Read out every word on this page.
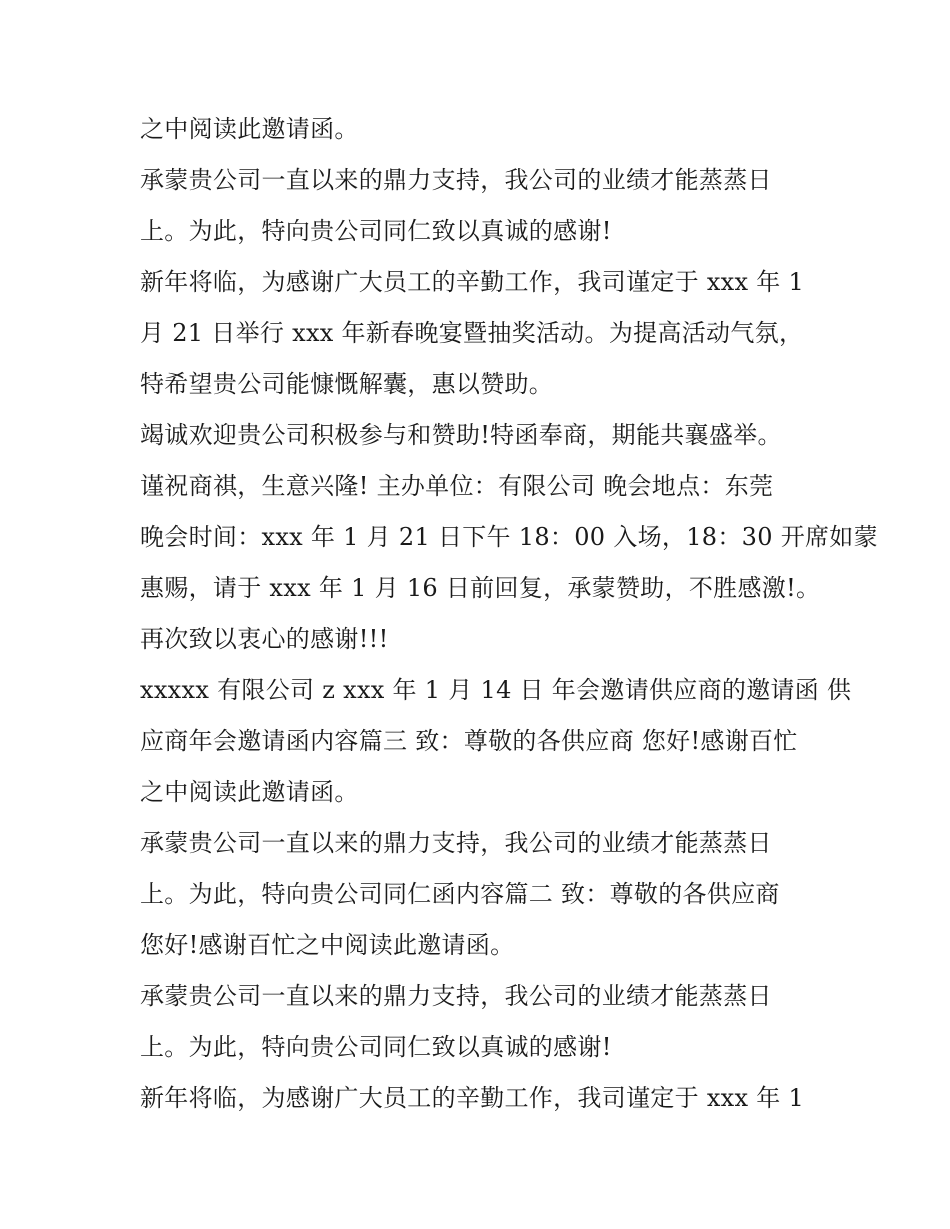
之中阅读此邀请函。
承蒙贵公司一直以来的鼎力支持，我公司的业绩才能蒸蒸日
上。为此，特向贵公司同仁致以真诚的感谢!
新年将临，为感谢广大员工的辛勤工作，我司谨定于 xxx 年 1
月 21 日举行 xxx 年新春晚宴暨抽奖活动。为提高活动气氛，
特希望贵公司能慷慨解囊，惠以赞助。
竭诚欢迎贵公司积极参与和赞助!特函奉商，期能共襄盛举。
谨祝商祺，生意兴隆! 主办单位：有限公司 晚会地点：东莞
晚会时间：xxx 年 1 月 21 日下午 18：00 入场，18：30 开席如蒙
惠赐，请于 xxx 年 1 月 16 日前回复，承蒙赞助，不胜感激!。
再次致以衷心的感谢!!!
xxxxx 有限公司 z xxx 年 1 月 14 日 年会邀请供应商的邀请函 供
应商年会邀请函内容篇三 致：尊敬的各供应商 您好!感谢百忙
之中阅读此邀请函。
承蒙贵公司一直以来的鼎力支持，我公司的业绩才能蒸蒸日
上。为此，特向贵公司同仁函内容篇二 致：尊敬的各供应商
您好!感谢百忙之中阅读此邀请函。
承蒙贵公司一直以来的鼎力支持，我公司的业绩才能蒸蒸日
上。为此，特向贵公司同仁致以真诚的感谢!
新年将临，为感谢广大员工的辛勤工作，我司谨定于 xxx 年 1
